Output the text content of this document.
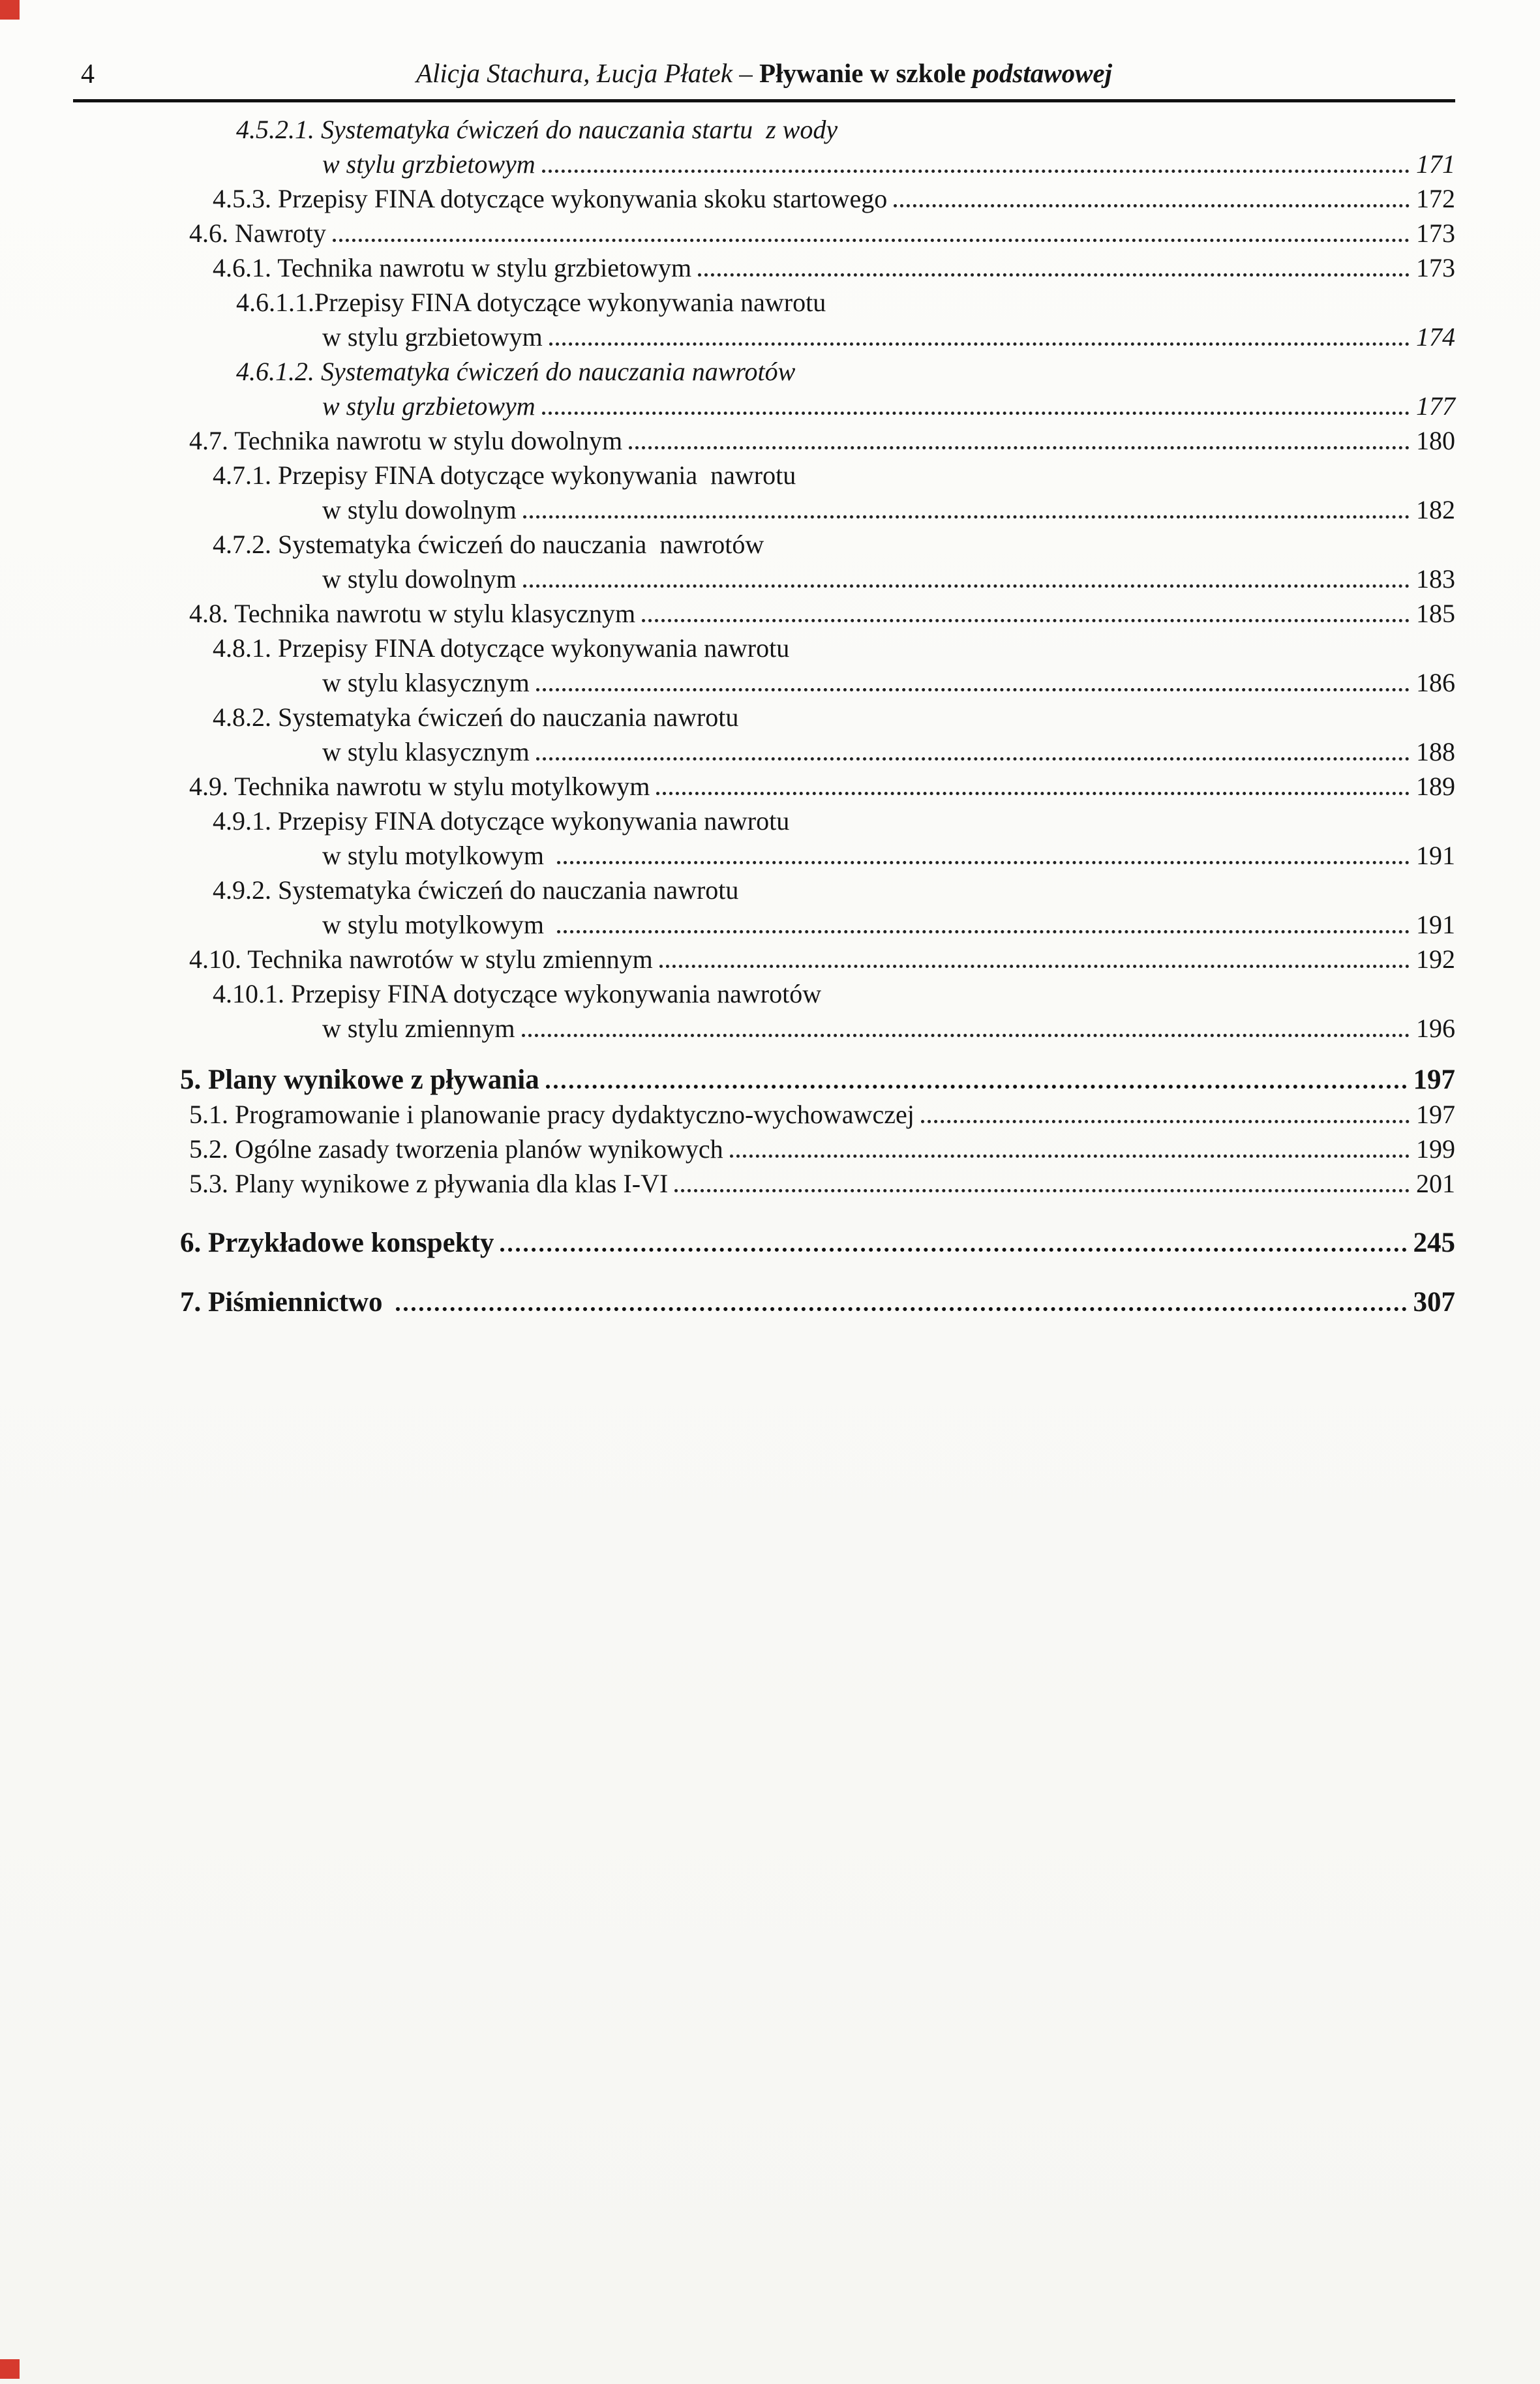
4	Alicja Stachura, Łucja Płatek – Pływanie w szkole podstawowej
4.5.2.1. Systematyka ćwiczeń do nauczania startu  z wody
w stylu grzbietowym	171
4.5.3. Przepisy FINA dotyczące wykonywania skoku startowego	172
4.6. Nawroty	173
4.6.1. Technika nawrotu w stylu grzbietowym	173
4.6.1.1.Przepisy FINA dotyczące wykonywania nawrotu
w stylu grzbietowym	174
4.6.1.2. Systematyka ćwiczeń do nauczania nawrotów
w stylu grzbietowym	177
4.7. Technika nawrotu w stylu dowolnym	180
4.7.1. Przepisy FINA dotyczące wykonywania  nawrotu
w stylu dowolnym	182
4.7.2. Systematyka ćwiczeń do nauczania  nawrotów
w stylu dowolnym	183
4.8. Technika nawrotu w stylu klasycznym	185
4.8.1. Przepisy FINA dotyczące wykonywania nawrotu
w stylu klasycznym	186
4.8.2. Systematyka ćwiczeń do nauczania nawrotu
w stylu klasycznym	188
4.9. Technika nawrotu w stylu motylkowym	189
4.9.1. Przepisy FINA dotyczące wykonywania nawrotu
w stylu motylkowym	191
4.9.2. Systematyka ćwiczeń do nauczania nawrotu
w stylu motylkowym	191
4.10. Technika nawrotów w stylu zmiennym	192
4.10.1. Przepisy FINA dotyczące wykonywania nawrotów
w stylu zmiennym	196
5. Plany wynikowe z pływania	197
5.1. Programowanie i planowanie pracy dydaktyczno-wychowawczej	197
5.2. Ogólne zasady tworzenia planów wynikowych	199
5.3. Plany wynikowe z pływania dla klas I-VI	201
6. Przykładowe konspekty	245
7. Piśmiennictwo	307
